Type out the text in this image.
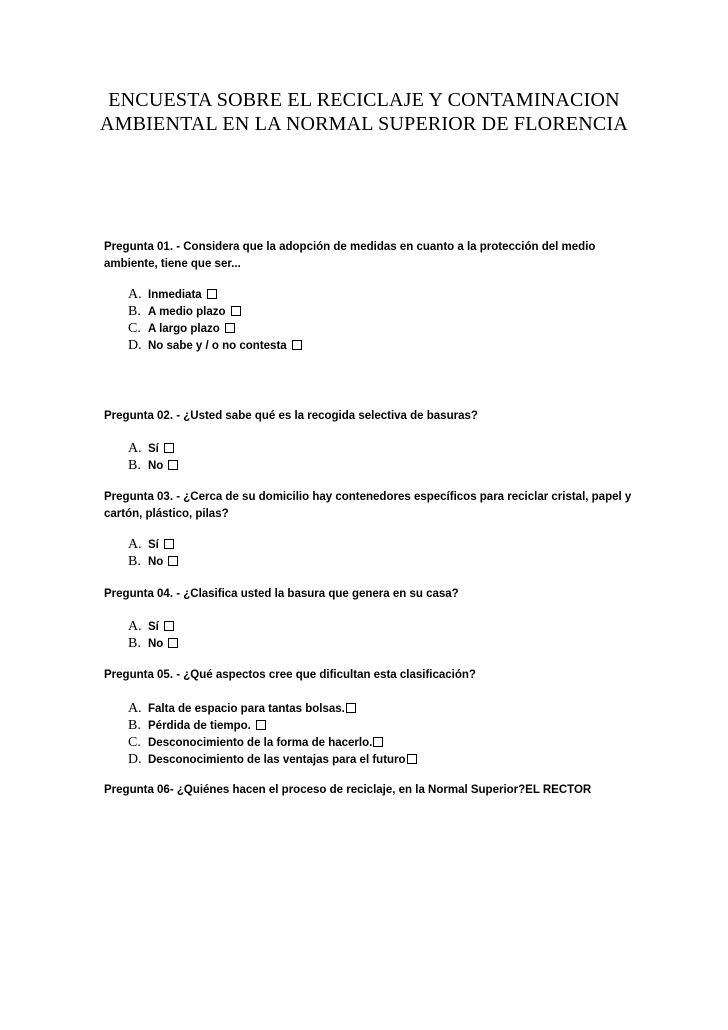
ENCUESTA SOBRE EL RECICLAJE Y CONTAMINACION
AMBIENTAL EN LA NORMAL SUPERIOR DE FLORENCIA
Pregunta 01. - Considera que la adopción de medidas en cuanto a la protección del medio ambiente, tiene que ser...
A. Inmediata
B. A medio plazo
C. A largo plazo
D. No sabe y / o no contesta
Pregunta 02. - ¿Usted sabe qué es la recogida selectiva de basuras?
A. Sí
B. No
Pregunta 03. - ¿Cerca de su domicilio hay contenedores específicos para reciclar cristal, papel y cartón, plástico, pilas?
A. Sí
B. No
Pregunta 04. - ¿Clasifica usted la basura que genera en su casa?
A. Sí
B. No
Pregunta 05. - ¿Qué aspectos cree que dificultan esta clasificación?
A. Falta de espacio para tantas bolsas.
B. Pérdida de tiempo.
C. Desconocimiento de la forma de hacerlo.
D. Desconocimiento de las ventajas para el futuro
Pregunta 06- ¿Quiénes hacen el proceso de reciclaje, en la Normal Superior?EL RECTOR
